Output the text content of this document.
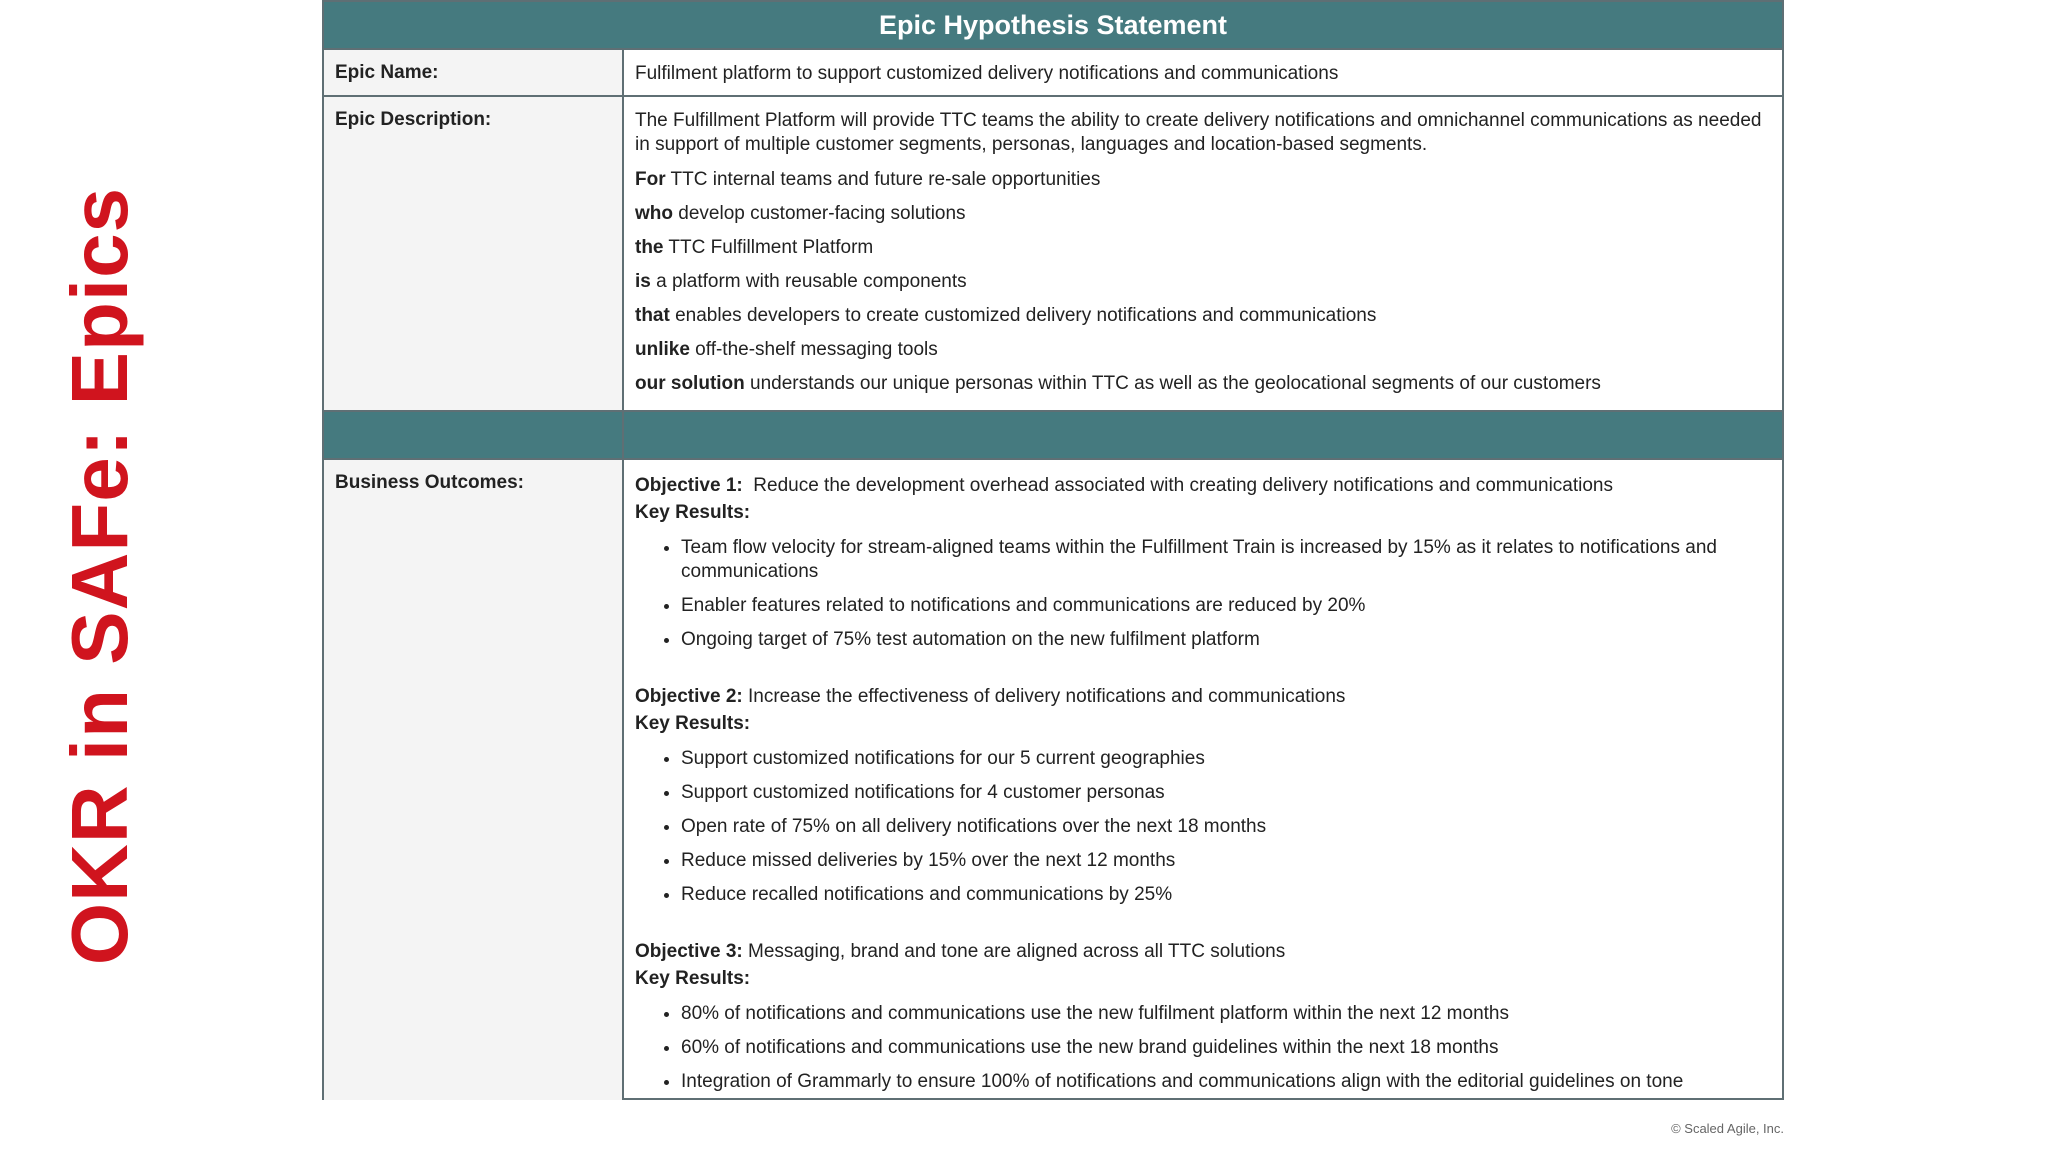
OKR in SAFe: Epics
Epic Hypothesis Statement
Epic Name:	Fulfilment platform to support customized delivery notifications and communications
Epic Description:	The Fulfillment Platform will provide TTC teams the ability to create delivery notifications and omnichannel communications as needed in support of multiple customer segments, personas, languages and location-based segments.

For TTC internal teams and future re-sale opportunities

who develop customer-facing solutions

the TTC Fulfillment Platform

is a platform with reusable components

that enables developers to create customized delivery notifications and communications

unlike off-the-shelf messaging tools

our solution understands our unique personas within TTC as well as the geolocational segments of our customers

Business Outcomes:	Objective 1:  Reduce the development overhead associated with creating delivery notifications and communications

Key Results:

• Team flow velocity for stream-aligned teams within the Fulfillment Train is increased by 15% as it relates to notifications and communications
• Enabler features related to notifications and communications are reduced by 20%
• Ongoing target of 75% test automation on the new fulfilment platform

Objective 2: Increase the effectiveness of delivery notifications and communications

Key Results:

• Support customized notifications for our 5 current geographies
• Support customized notifications for 4 customer personas
• Open rate of 75% on all delivery notifications over the next 18 months
• Reduce missed deliveries by 15% over the next 12 months
• Reduce recalled notifications and communications by 25%

Objective 3: Messaging, brand and tone are aligned across all TTC solutions

Key Results:

• 80% of notifications and communications use the new fulfilment platform within the next 12 months
• 60% of notifications and communications use the new brand guidelines within the next 18 months
• Integration of Grammarly to ensure 100% of notifications and communications align with the editorial guidelines on tone
© Scaled Agile, Inc.
